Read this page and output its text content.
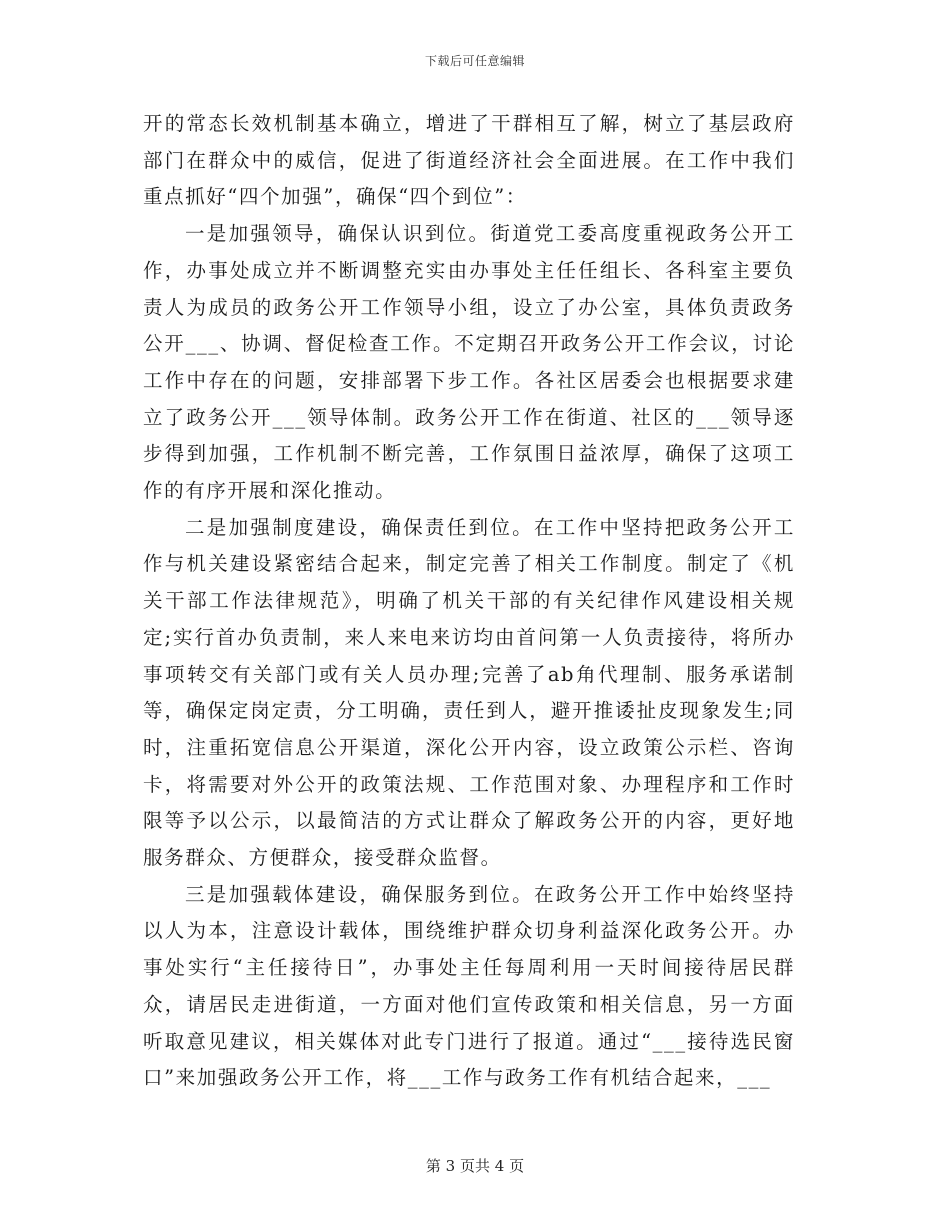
下载后可任意编辑

开的常态长效机制基本确立，增进了干群相互了解，树立了基层政府部门在群众中的威信，促进了街道经济社会全面进展。在工作中我们重点抓好“四个加强”，确保“四个到位”：

一是加强领导，确保认识到位。街道党工委高度重视政务公开工作，办事处成立并不断调整充实由办事处主任任组长、各科室主要负责人为成员的政务公开工作领导小组，设立了办公室，具体负责政务公开___、协调、督促检查工作。不定期召开政务公开工作会议，讨论工作中存在的问题，安排部署下步工作。各社区居委会也根据要求建立了政务公开___领导体制。政务公开工作在街道、社区的___领导逐步得到加强，工作机制不断完善，工作氛围日益浓厚，确保了这项工作的有序开展和深化推动。

二是加强制度建设，确保责任到位。在工作中坚持把政务公开工作与机关建设紧密结合起来，制定完善了相关工作制度。制定了《机关干部工作法律规范》，明确了机关干部的有关纪律作风建设相关规定;实行首办负责制，来人来电来访均由首问第一人负责接待，将所办事项转交有关部门或有关人员办理;完善了ab角代理制、服务承诺制等，确保定岗定责，分工明确，责任到人，避开推诿扯皮现象发生;同时，注重拓宽信息公开渠道，深化公开内容，设立政策公示栏、咨询卡，将需要对外公开的政策法规、工作范围对象、办理程序和工作时限等予以公示，以最简洁的方式让群众了解政务公开的内容，更好地服务群众、方便群众，接受群众监督。

三是加强载体建设，确保服务到位。在政务公开工作中始终坚持以人为本，注意设计载体，围绕维护群众切身利益深化政务公开。办事处实行“主任接待日”，办事处主任每周利用一天时间接待居民群众，请居民走进街道，一方面对他们宣传政策和相关信息，另一方面听取意见建议，相关媒体对此专门进行了报道。通过“___接待选民窗口”来加强政务公开工作，将___工作与政务工作有机结合起来，___

第 3 页共 4 页
